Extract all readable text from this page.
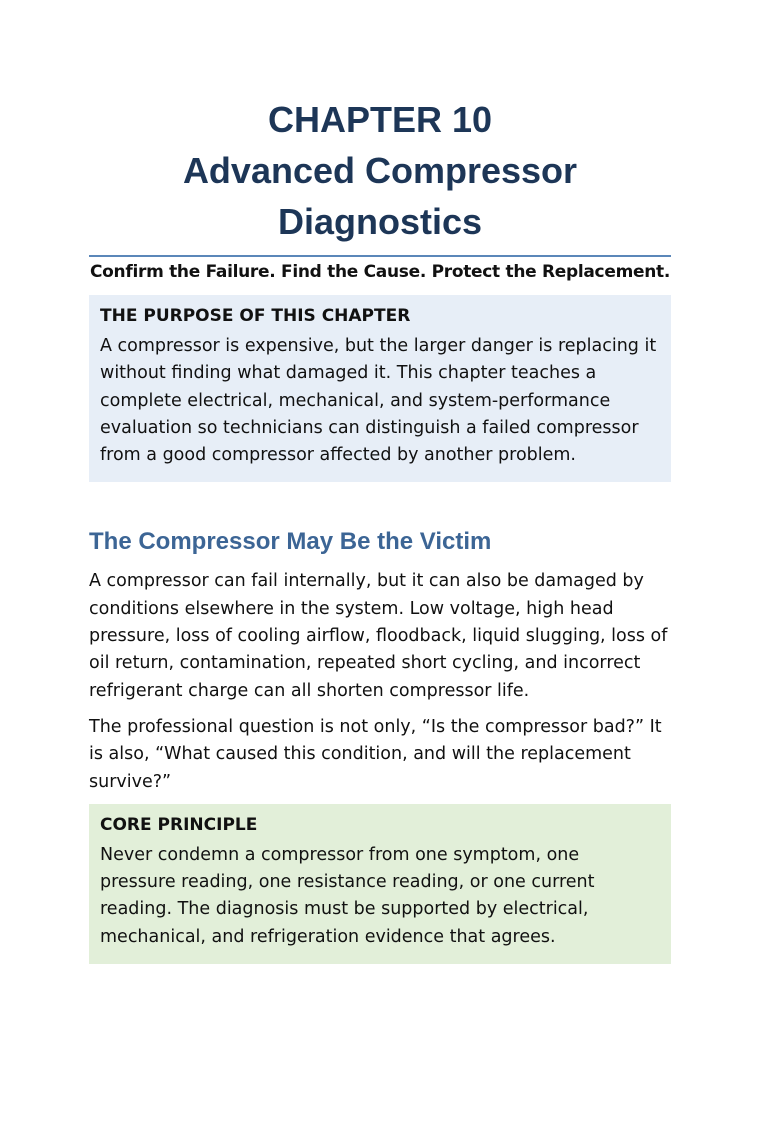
CHAPTER 10
Advanced Compressor
Diagnostics
Confirm the Failure. Find the Cause. Protect the Replacement.
THE PURPOSE OF THIS CHAPTER

A compressor is expensive, but the larger danger is replacing it without finding what damaged it. This chapter teaches a complete electrical, mechanical, and system-performance evaluation so technicians can distinguish a failed compressor from a good compressor affected by another problem.

The Compressor May Be the Victim

A compressor can fail internally, but it can also be damaged by conditions elsewhere in the system. Low voltage, high head pressure, loss of cooling airflow, floodback, liquid slugging, loss of oil return, contamination, repeated short cycling, and incorrect refrigerant charge can all shorten compressor life.

The professional question is not only, “Is the compressor bad?” It is also, “What caused this condition, and will the replacement survive?”

CORE PRINCIPLE

Never condemn a compressor from one symptom, one pressure reading, one resistance reading, or one current reading. The diagnosis must be supported by electrical, mechanical, and refrigeration evidence that agrees.
